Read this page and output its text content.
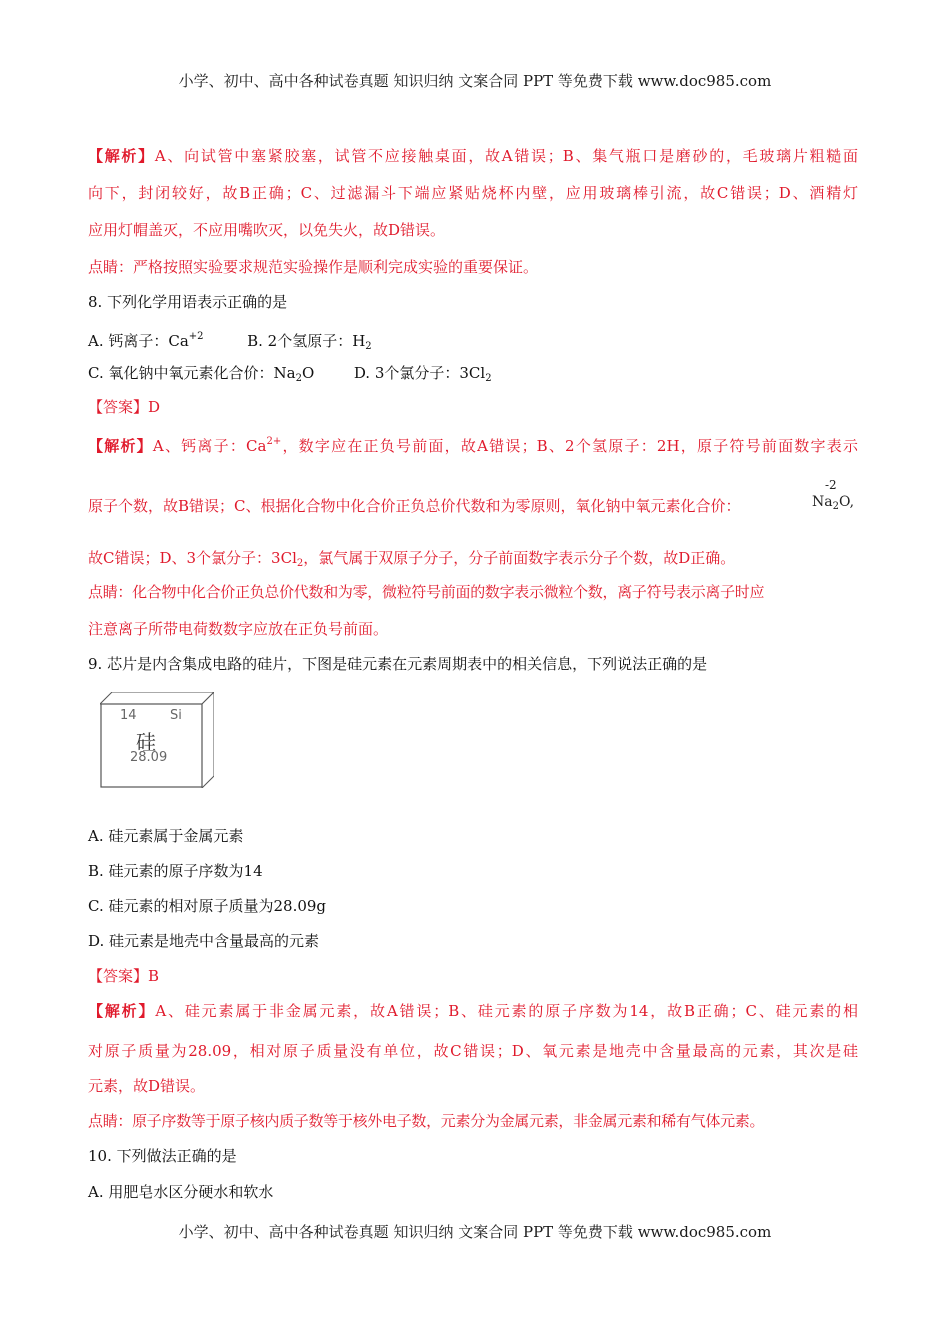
小学、初中、高中各种试卷真题 知识归纳 文案合同 PPT 等免费下载 www.doc985.com
【解析】A、向试管中塞紧胶塞，试管不应接触桌面，故A错误；B、集气瓶口是磨砂的，毛玻璃片粗糙面
向下，封闭较好，故B正确；C、过滤漏斗下端应紧贴烧杯内壁，应用玻璃棒引流，故C错误；D、酒精灯
应用灯帽盖灭，不应用嘴吹灭，以免失火，故D错误。
点睛：严格按照实验要求规范实验操作是顺利完成实验的重要保证。
8. 下列化学用语表示正确的是
A. 钙离子：$Ca^{+2}$	B. 2个氢原子：$H_2$
C. 氧化钠中氧元素化合价：$Na_2O$	D. 3个氯分子：$3Cl_2$
【答案】D
【解析】A、钙离子：$Ca^{2+}$，数字应在正负号前面，故A错误；B、2个氢原子：2H，原子符号前面数字表示
原子个数，故B错误；C、根据化合物中化合价正负总价代数和为零原则，氧化钠中氧元素化合价：
-2
$Na_2O$,
故C错误；D、3个氯分子：$3Cl_2$，氯气属于双原子分子，分子前面数字表示分子个数，故D正确。
点睛：化合物中化合价正负总价代数和为零，微粒符号前面的数字表示微粒个数，离子符号表示离子时应
注意离子所带电荷数数字应放在正负号前面。
9. 芯片是内含集成电路的硅片，下图是硅元素在元素周期表中的相关信息，下列说法正确的是
14	Si
硅
28.09
A. 硅元素属于金属元素
B. 硅元素的原子序数为14
C. 硅元素的相对原子质量为28.09g
D. 硅元素是地壳中含量最高的元素
【答案】B
【解析】A、硅元素属于非金属元素，故A错误；B、硅元素的原子序数为14，故B正确；C、硅元素的相
对原子质量为28.09，相对原子质量没有单位，故C错误；D、氧元素是地壳中含量最高的元素，其次是硅
元素，故D错误。
点睛：原子序数等于原子核内质子数等于核外电子数，元素分为金属元素，非金属元素和稀有气体元素。
10. 下列做法正确的是
A. 用肥皂水区分硬水和软水
小学、初中、高中各种试卷真题 知识归纳 文案合同 PPT 等免费下载 www.doc985.com
